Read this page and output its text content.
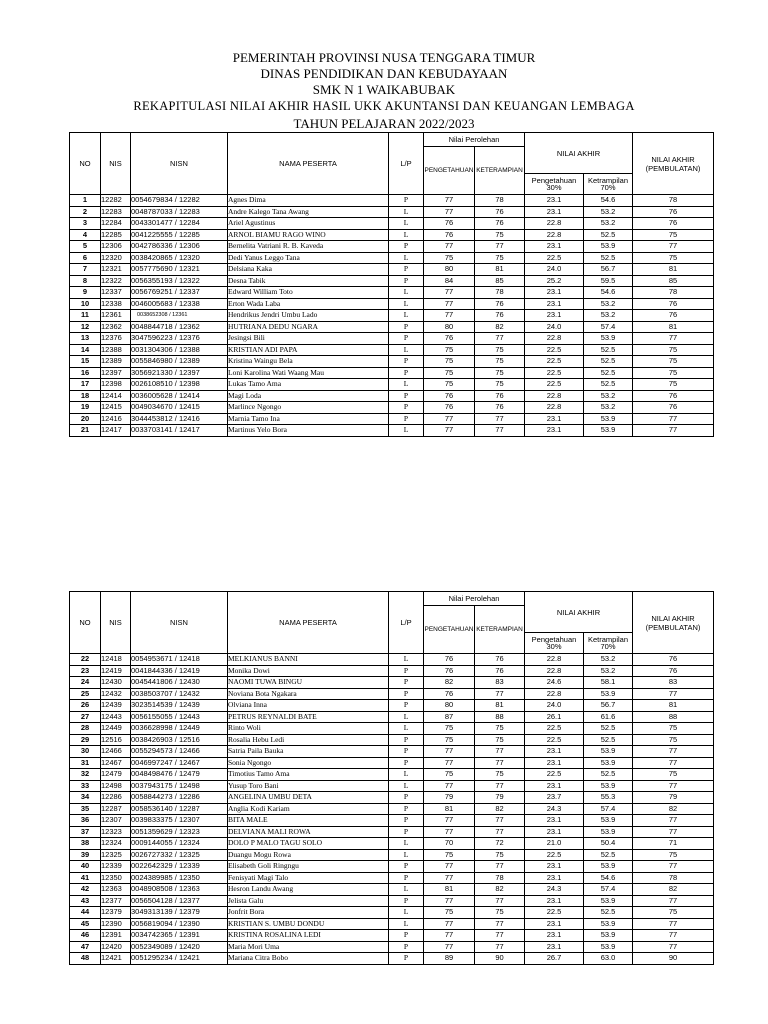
PEMERINTAH PROVINSI NUSA TENGGARA TIMUR
DINAS PENDIDIKAN DAN KEBUDAYAAN
SMK N 1 WAIKABUBAK
REKAPITULASI NILAI AKHIR HASIL UKK AKUNTANSI DAN KEUANGAN LEMBAGA
TAHUN PELAJARAN 2022/2023
NO	NIS	NISN	NAMA PESERTA	L/P	Nilai Perolehan		NILAI AKHIR		NILAI AKHIR (PEMBULATAN)
					PENGETAHUAN	KETERAMPIAN			
							Pengetahuan 30%	Ketrampilan 70%	
1	12282	0054679834 / 12282	Agnes Dima	P	77	78	23.1	54.6	78
2	12283	0048787033 / 12283	Andre Kalego Tana Awang	L	77	76	23.1	53.2	76
3	12284	0043301477 / 12284	Ariel Agustinus	L	76	76	22.8	53.2	76
4	12285	0041225555 / 12285	ARNOL BIAMU RAGO WINO	L	76	75	22.8	52.5	75
5	12306	0042786336 / 12306	Bernelita Vatriani R. B. Kaveda	P	77	77	23.1	53.9	77
6	12320	0038420865 / 12320	Dedi Yanus Leggo Tana	L	75	75	22.5	52.5	75
7	12321	0057775690 / 12321	Delsiana Kaka	P	80	81	24.0	56.7	81
8	12322	0056355193 / 12322	Desna Tabik	P	84	85	25.2	59.5	85
9	12337	0056769251 / 12337	Edward William Toto	L	77	78	23.1	54.6	78
10	12338	0046005683 / 12338	Erton Wada Laba	L	77	76	23.1	53.2	76
11	12361	0038652308 / 12361	Hendrikus Jendri Umbu Lado	L	77	76	23.1	53.2	76
12	12362	0048844718 / 12362	HUTRIANA DEDU NGARA	P	80	82	24.0	57.4	81
13	12376	3047596223 / 12376	Jesingsi Bili	P	76	77	22.8	53.9	77
14	12388	0031304306 / 12388	KRISTIAN ADI PAPA	L	75	75	22.5	52.5	75
15	12389	0055846980 / 12389	Kristina Waingu Bela	P	75	75	22.5	52.5	75
16	12397	3056921330 / 12397	Loni Karolina Wati Waang Mau	P	75	75	22.5	52.5	75
17	12398	0026108510 / 12398	Lukas Tamo Ama	L	75	75	22.5	52.5	75
18	12414	0036005628 / 12414	Magi Loda	P	76	76	22.8	53.2	76
19	12415	0049034670 / 12415	Marlince Ngongo	P	76	76	22.8	53.2	76
20	12416	3044453812 / 12416	Marnia Tamo Ina	P	77	77	23.1	53.9	77
21	12417	0033703141 / 12417	Martinus Yelo Bora	L	77	77	23.1	53.9	77
NO	NIS	NISN	NAMA PESERTA	L/P	Nilai Perolehan		NILAI AKHIR		NILAI AKHIR (PEMBULATAN)
					PENGETAHUAN	KETERAMPIAN			
							Pengetahuan 30%	Ketrampilan 70%	
22	12418	0054953671 / 12418	MELKIANUS BANNI	L	76	76	22.8	53.2	76
23	12419	0041844336 / 12419	Monika Dowi	P	76	76	22.8	53.2	76
24	12430	0045441806 / 12430	NAOMI TUWA BINGU	P	82	83	24.6	58.1	83
25	12432	0038503707 / 12432	Noviana Bota Ngakara	P	76	77	22.8	53.9	77
26	12439	3023514539 / 12439	Olviana Inna	P	80	81	24.0	56.7	81
27	12443	0056155055 / 12443	PETRUS REYNALDI BATE	L	87	88	26.1	61.6	88
28	12449	0036628998 / 12449	Rinto Woli	L	75	75	22.5	52.5	75
29	12516	0038426903 / 12516	Rosalia Hebu Ledi	P	75	75	22.5	52.5	75
30	12466	0055294573 / 12466	Satria Paila Bauka	P	77	77	23.1	53.9	77
31	12467	0046997247 / 12467	Sonia Ngongo	P	77	77	23.1	53.9	77
32	12479	0048498476 / 12479	Timotius Tamo Ama	L	75	75	22.5	52.5	75
33	12498	0037943175 / 12498	Yusup Toro Bani	L	77	77	23.1	53.9	77
34	12286	0058844273 / 12286	ANGELINA UMBU DETA	P	79	79	23.7	55.3	79
35	12287	0058536140 / 12287	Anglia Kodi Kariam	P	81	82	24.3	57.4	82
36	12307	0039833375 / 12307	BITA MALE	P	77	77	23.1	53.9	77
37	12323	0051359629 / 12323	DELVIANA MALI ROWA	P	77	77	23.1	53.9	77
38	12324	0009144055 / 12324	DOLO P MALO TAGU SOLO	L	70	72	21.0	50.4	71
39	12325	0026727332 / 12325	Duangu Mogu Rowa	L	75	75	22.5	52.5	75
40	12339	0022642329 / 12339	Elisabeth Goli Ringngu	P	77	77	23.1	53.9	77
41	12350	0024389985 / 12350	Fenisyati Magi Talo	P	77	78	23.1	54.6	78
42	12363	0048908508 / 12363	Hesron Landu Awang	L	81	82	24.3	57.4	82
43	12377	0056504128 / 12377	Jelista Galu	P	77	77	23.1	53.9	77
44	12379	3049313139 / 12379	Jonfrit Bora	L	75	75	22.5	52.5	75
45	12390	0056819094 / 12390	KRISTIAN S. UMBU DONDU	L	77	77	23.1	53.9	77
46	12391	0034742365 / 12391	KRISTINA ROSALINA LEDI	P	77	77	23.1	53.9	77
47	12420	0052349089 / 12420	Maria Mori Uma	P	77	77	23.1	53.9	77
48	12421	0051295234 / 12421	Mariana Citra Bobo	P	89	90	26.7	63.0	90
